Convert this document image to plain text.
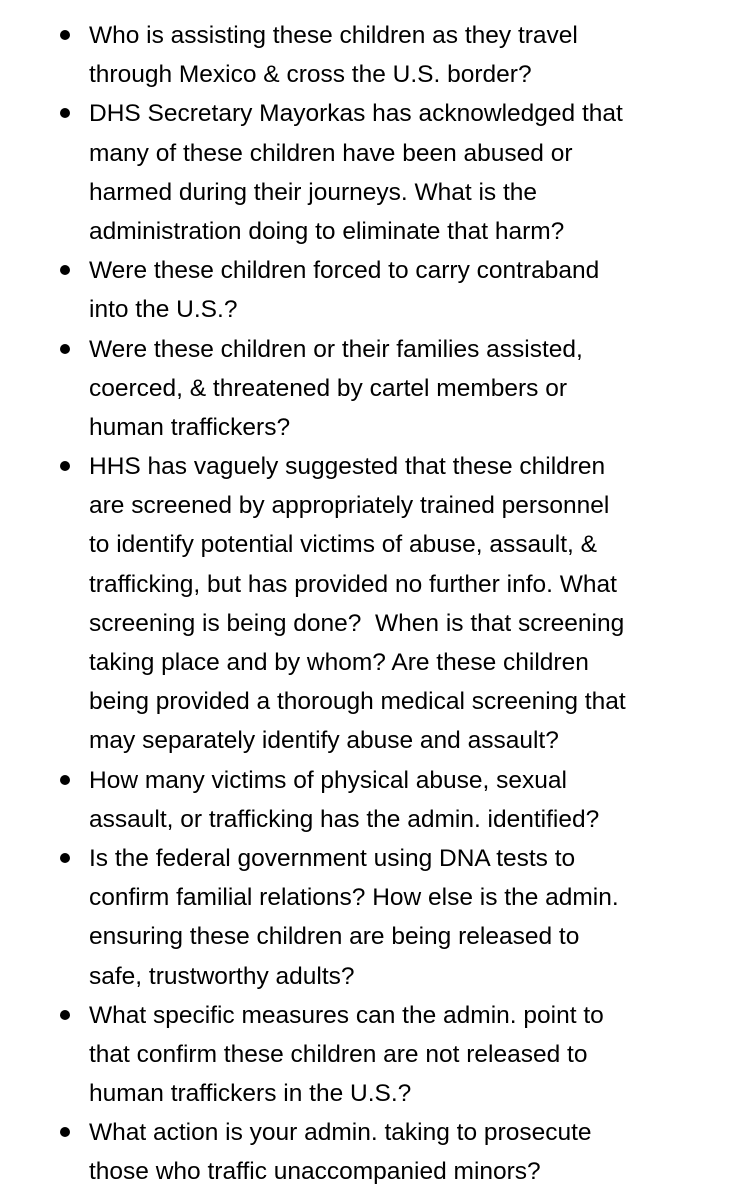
Who is assisting these children as they travel
through Mexico & cross the U.S. border?
DHS Secretary Mayorkas has acknowledged that
many of these children have been abused or
harmed during their journeys. What is the
administration doing to eliminate that harm?
Were these children forced to carry contraband
into the U.S.?
Were these children or their families assisted,
coerced, & threatened by cartel members or
human traffickers?
HHS has vaguely suggested that these children
are screened by appropriately trained personnel
to identify potential victims of abuse, assault, &
trafficking, but has provided no further info. What
screening is being done?  When is that screening
taking place and by whom? Are these children
being provided a thorough medical screening that
may separately identify abuse and assault?
How many victims of physical abuse, sexual
assault, or trafficking has the admin. identified?
Is the federal government using DNA tests to
confirm familial relations? How else is the admin.
ensuring these children are being released to
safe, trustworthy adults?
What specific measures can the admin. point to
that confirm these children are not released to
human traffickers in the U.S.?
What action is your admin. taking to prosecute
those who traffic unaccompanied minors?
